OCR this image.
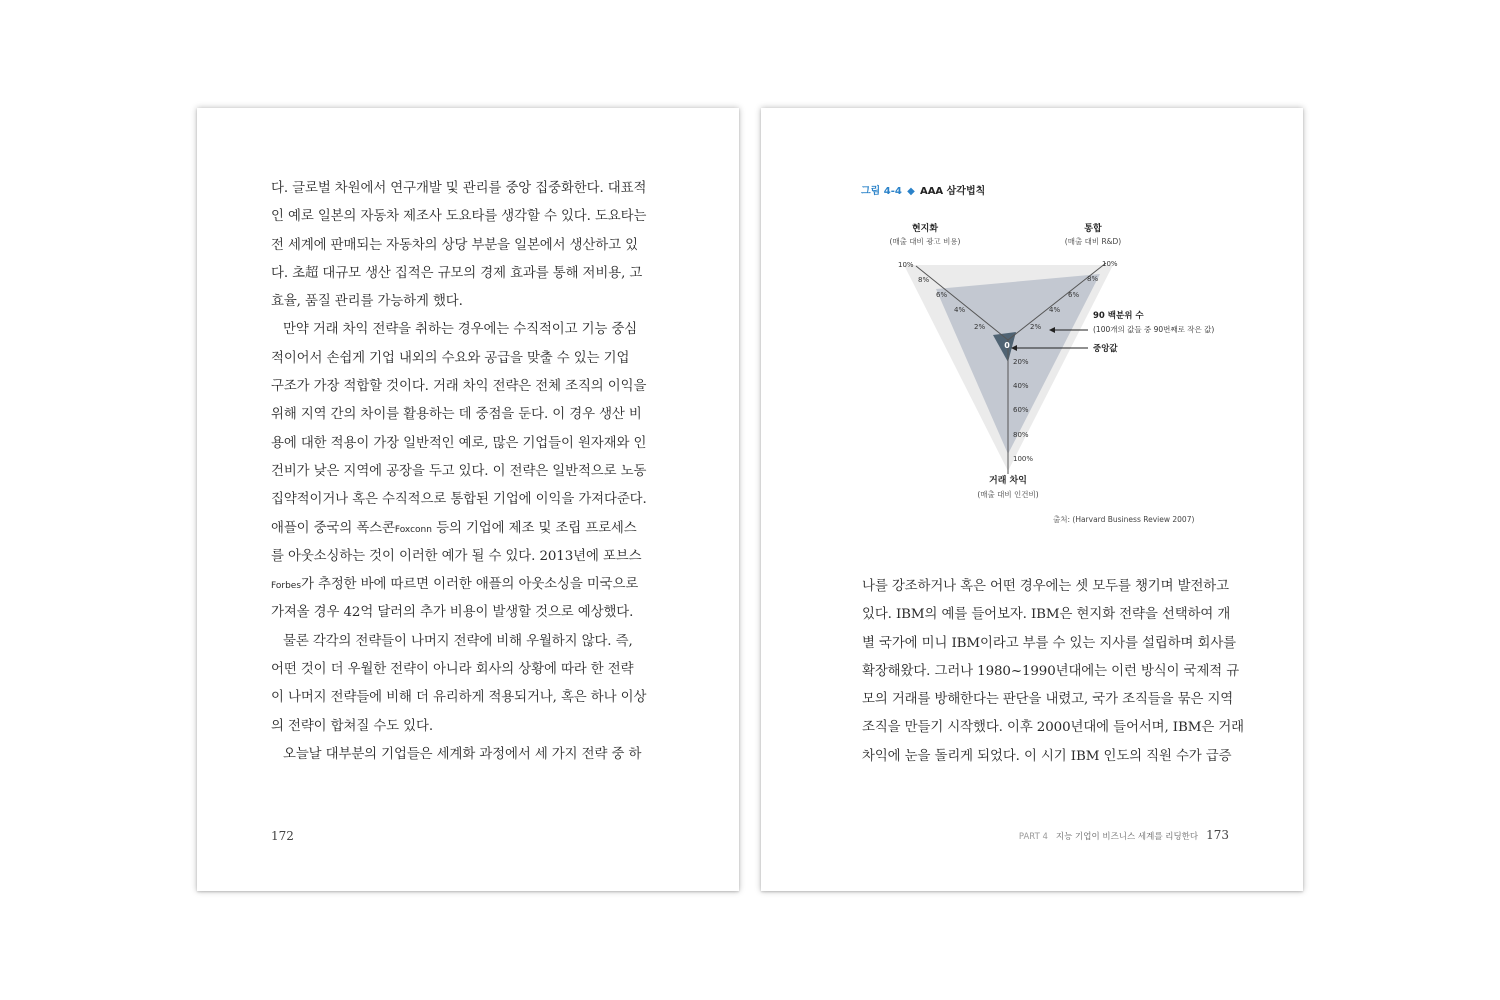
다. 글로벌 차원에서 연구개발 및 관리를 중앙 집중화한다. 대표적
인 예로 일본의 자동차 제조사 도요타를 생각할 수 있다. 도요타는
전 세계에 판매되는 자동차의 상당 부분을 일본에서 생산하고 있
다. 초超 대규모 생산 집적은 규모의 경제 효과를 통해 저비용, 고
효율, 품질 관리를 가능하게 했다.
만약 거래 차익 전략을 취하는 경우에는 수직적이고 기능 중심
적이어서 손쉽게 기업 내외의 수요와 공급을 맞출 수 있는 기업
구조가 가장 적합할 것이다. 거래 차익 전략은 전체 조직의 이익을
위해 지역 간의 차이를 활용하는 데 중점을 둔다. 이 경우 생산 비
용에 대한 적용이 가장 일반적인 예로, 많은 기업들이 원자재와 인
건비가 낮은 지역에 공장을 두고 있다. 이 전략은 일반적으로 노동
집약적이거나 혹은 수직적으로 통합된 기업에 이익을 가져다준다.
애플이 중국의 폭스콘Foxconn 등의 기업에 제조 및 조립 프로세스
를 아웃소싱하는 것이 이러한 예가 될 수 있다. 2013년에 포브스
Forbes가 추정한 바에 따르면 이러한 애플의 아웃소싱을 미국으로
가져올 경우 42억 달러의 추가 비용이 발생할 것으로 예상했다.
물론 각각의 전략들이 나머지 전략에 비해 우월하지 않다. 즉,
어떤 것이 더 우월한 전략이 아니라 회사의 상황에 따라 한 전략
이 나머지 전략들에 비해 더 유리하게 적용되거나, 혹은 하나 이상
의 전략이 합쳐질 수도 있다.
오늘날 대부분의 기업들은 세계화 과정에서 세 가지 전략 중 하
172
그림 4-4 ◆ AAA 삼각법칙
0
10%
8%
6%
4%
2%
10%
8%
6%
4%
2%
20%
40%
60%
80%
100%
현지화
(매출 대비 광고 비용)
통합
(매출 대비 R&D)
거래 차익
(매출 대비 인건비)
90 백분위 수
(100개의 값들 중 90번째로 작은 값)
중앙값
출처: (Harvard Business Review 2007)
나를 강조하거나 혹은 어떤 경우에는 셋 모두를 챙기며 발전하고
있다. IBM의 예를 들어보자. IBM은 현지화 전략을 선택하여 개
별 국가에 미니 IBM이라고 부를 수 있는 지사를 설립하며 회사를
확장해왔다. 그러나 1980~1990년대에는 이런 방식이 국제적 규
모의 거래를 방해한다는 판단을 내렸고, 국가 조직들을 묶은 지역
조직을 만들기 시작했다. 이후 2000년대에 들어서며, IBM은 거래
차익에 눈을 돌리게 되었다. 이 시기 IBM 인도의 직원 수가 급증
PART 4 지능 기업이 비즈니스 세계를 리딩한다 173
